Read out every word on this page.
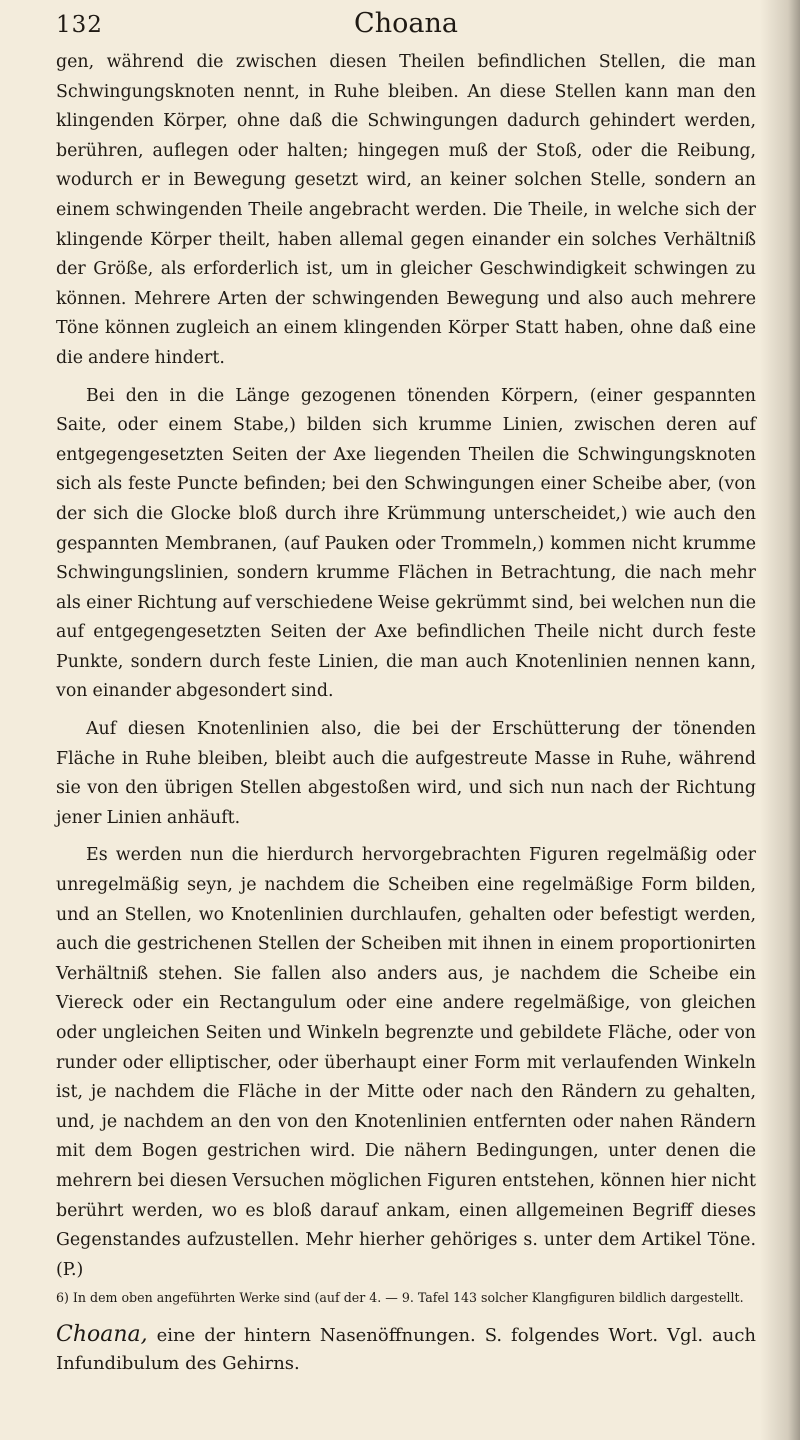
132	Choana

gen, während die zwischen diesen Theilen befindlichen Stellen, die man Schwingungsknoten nennt, in Ruhe bleiben. An diese Stellen kann man den klingenden Körper, ohne daß die Schwingungen dadurch gehindert werden, berühren, auflegen oder halten; hingegen muß der Stoß, oder die Reibung, wodurch er in Bewegung gesetzt wird, an keiner solchen Stelle, sondern an einem schwingenden Theile angebracht werden. Die Theile, in welche sich der klingende Körper theilt, haben allemal gegen einander ein solches Verhältniß der Größe, als erforderlich ist, um in gleicher Geschwindigkeit schwingen zu können. Mehrere Arten der schwingenden Bewegung und also auch mehrere Töne können zugleich an einem klingenden Körper Statt haben, ohne daß eine die andere hindert.

Bei den in die Länge gezogenen tönenden Körpern, (einer gespannten Saite, oder einem Stabe,) bilden sich krumme Linien, zwischen deren auf entgegengesetzten Seiten der Axe liegenden Theilen die Schwingungsknoten sich als feste Puncte befinden; bei den Schwingungen einer Scheibe aber, (von der sich die Glocke bloß durch ihre Krümmung unterscheidet,) wie auch den gespannten Membranen, (auf Pauken oder Trommeln,) kommen nicht krumme Schwingungslinien, sondern krumme Flächen in Betrachtung, die nach mehr als einer Richtung auf verschiedene Weise gekrümmt sind, bei welchen nun die auf entgegengesetzten Seiten der Axe befindlichen Theile nicht durch feste Punkte, sondern durch feste Linien, die man auch Knotenlinien nennen kann, von einander abgesondert sind.

Auf diesen Knotenlinien also, die bei der Erschütterung der tönenden Fläche in Ruhe bleiben, bleibt auch die aufgestreute Masse in Ruhe, während sie von den übrigen Stellen abgestoßen wird, und sich nun nach der Richtung jener Linien anhäuft.

Es werden nun die hierdurch hervorgebrachten Figuren regelmäßig oder unregelmäßig seyn, je nachdem die Scheiben eine regelmäßige Form bilden, und an Stellen, wo Knotenlinien durchlaufen, gehalten oder befestigt werden, auch die gestrichenen Stellen der Scheiben mit ihnen in einem proportionirten Verhältniß stehen. Sie fallen also anders aus, je nachdem die Scheibe ein Viereck oder ein Rectangulum oder eine andere regelmäßige, von gleichen oder ungleichen Seiten und Winkeln begrenzte und gebildete Fläche, oder von runder oder elliptischer, oder überhaupt einer Form mit verlaufenden Winkeln ist, je nachdem die Fläche in der Mitte oder nach den Rändern zu gehalten, und, je nachdem an den von den Knotenlinien entfernten oder nahen Rändern mit dem Bogen gestrichen wird. Die nähern Bedingungen, unter denen die mehrern bei diesen Versuchen möglichen Figuren entstehen, können hier nicht berührt werden, wo es bloß darauf ankam, einen allgemeinen Begriff dieses Gegenstandes aufzustellen. Mehr hierher gehöriges s. unter dem Artikel Töne. (P.)

6) In dem oben angeführten Werke sind (auf der 4. — 9. Tafel 143 solcher Klangfiguren bildlich dargestellt.

Choana, eine der hintern Nasenöffnungen. S. folgendes Wort. Vgl. auch Infundibulum des Gehirns.
